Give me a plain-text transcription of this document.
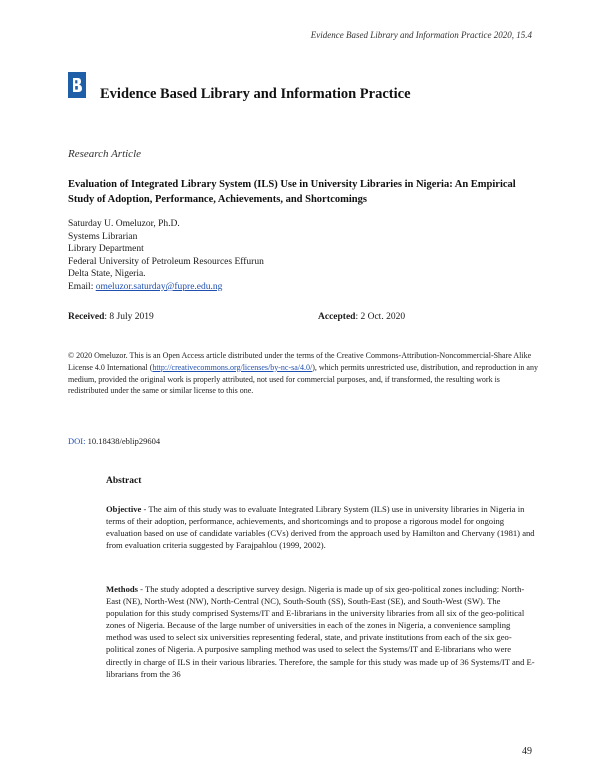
Evidence Based Library and Information Practice 2020, 15.4
Evidence Based Library and Information Practice
Research Article
Evaluation of Integrated Library System (ILS) Use in University Libraries in Nigeria: An Empirical Study of Adoption, Performance, Achievements, and Shortcomings
Saturday U. Omeluzor, Ph.D.
Systems Librarian
Library Department
Federal University of Petroleum Resources Effurun
Delta State, Nigeria.
Email: omeluzor.saturday@fupre.edu.ng
Received: 8 July 2019	Accepted: 2 Oct. 2020
© 2020 Omeluzor. This is an Open Access article distributed under the terms of the Creative Commons-Attribution-Noncommercial-Share Alike License 4.0 International (http://creativecommons.org/licenses/by-nc-sa/4.0/), which permits unrestricted use, distribution, and reproduction in any medium, provided the original work is properly attributed, not used for commercial purposes, and, if transformed, the resulting work is redistributed under the same or similar license to this one.
DOI: 10.18438/eblip29604
Abstract
Objective - The aim of this study was to evaluate Integrated Library System (ILS) use in university libraries in Nigeria in terms of their adoption, performance, achievements, and shortcomings and to propose a rigorous model for ongoing evaluation based on use of candidate variables (CVs) derived from the approach used by Hamilton and Chervany (1981) and from evaluation criteria suggested by Farajpahlou (1999, 2002).
Methods - The study adopted a descriptive survey design. Nigeria is made up of six geo-political zones including: North-East (NE), North-West (NW), North-Central (NC), South-South (SS), South-East (SE), and South-West (SW). The population for this study comprised Systems/IT and E-librarians in the university libraries from all six of the geo-political zones of Nigeria. Because of the large number of universities in each of the zones in Nigeria, a convenience sampling method was used to select six universities representing federal, state, and private institutions from each of the six geo-political zones of Nigeria. A purposive sampling method was used to select the Systems/IT and E-librarians who were directly in charge of ILS in their various libraries. Therefore, the sample for this study was made up of 36 Systems/IT and E-librarians from the 36
49
